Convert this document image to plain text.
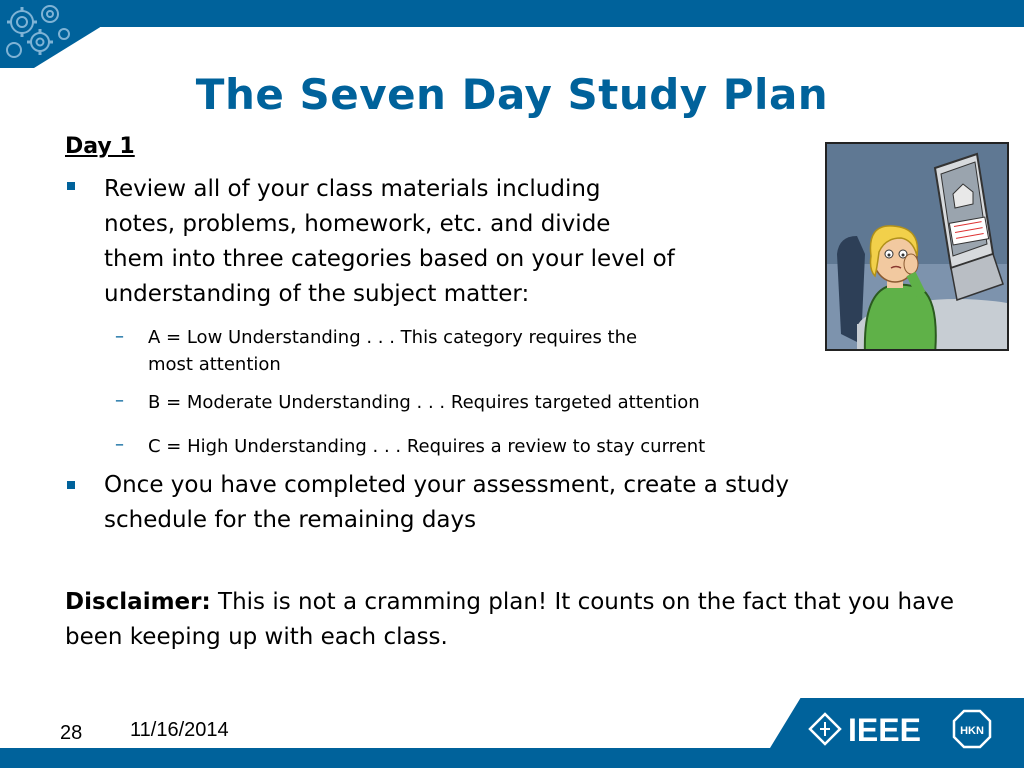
The Seven Day Study Plan
Day 1
Review all of your class materials including
notes, problems, homework, etc. and divide
them into three categories based on your level of
understanding of the subject matter:
– A = Low Understanding . . . This category requires the
most attention
– B = Moderate Understanding . . . Requires targeted attention
– C = High Understanding . . . Requires a review to stay current
Once you have completed your assessment, create a study
schedule for the remaining days
Disclaimer: This is not a cramming plan! It counts on the fact that you have been keeping up with each class.
28 11/16/2014	IEEE	HKN
